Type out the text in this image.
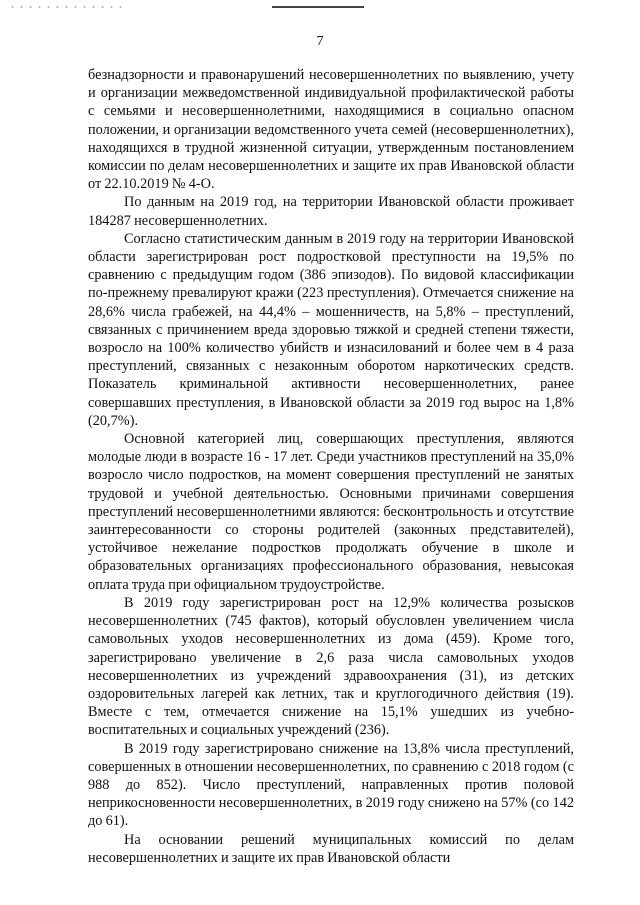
7

безнадзорности и правонарушений несовершеннолетних по выявлению, учету и организации межведомственной индивидуальной профилактической работы с семьями и несовершеннолетними, находящимися в социально опасном положении, и организации ведомственного учета семей (несовершеннолетних), находящихся в трудной жизненной ситуации, утвержденным постановлением комиссии по делам несовершеннолетних и защите их прав Ивановской области от 22.10.2019 № 4-О.

По данным на 2019 год, на территории Ивановской области проживает 184287 несовершеннолетних.

Согласно статистическим данным в 2019 году на территории Ивановской области зарегистрирован рост подростковой преступности на 19,5% по сравнению с предыдущим годом (386 эпизодов). По видовой классификации по-прежнему превалируют кражи (223 преступления). Отмечается снижение на 28,6% числа грабежей, на 44,4% – мошенничеств, на 5,8% – преступлений, связанных с причинением вреда здоровью тяжкой и средней степени тяжести, возросло на 100% количество убийств и изнасилований и более чем в 4 раза преступлений, связанных с незаконным оборотом наркотических средств. Показатель криминальной активности несовершеннолетних, ранее совершавших преступления, в Ивановской области за 2019 год вырос на 1,8% (20,7%).

Основной категорией лиц, совершающих преступления, являются молодые люди в возрасте 16 - 17 лет. Среди участников преступлений на 35,0% возросло число подростков, на момент совершения преступлений не занятых трудовой и учебной деятельностью. Основными причинами совершения преступлений несовершеннолетними являются: бесконтрольность и отсутствие заинтересованности со стороны родителей (законных представителей), устойчивое нежелание подростков продолжать обучение в школе и образовательных организациях профессионального образования, невысокая оплата труда при официальном трудоустройстве.

В 2019 году зарегистрирован рост на 12,9% количества розысков несовершеннолетних (745 фактов), который обусловлен увеличением числа самовольных уходов несовершеннолетних из дома (459). Кроме того, зарегистрировано увеличение в 2,6 раза числа самовольных уходов несовершеннолетних из учреждений здравоохранения (31), из детских оздоровительных лагерей как летних, так и круглогодичного действия (19). Вместе с тем, отмечается снижение на 15,1% ушедших из учебно-воспитательных и социальных учреждений (236).

В 2019 году зарегистрировано снижение на 13,8% числа преступлений, совершенных в отношении несовершеннолетних, по сравнению с 2018 годом (с 988 до 852). Число преступлений, направленных против половой неприкосновенности несовершеннолетних, в 2019 году снижено на 57% (со 142 до 61).

На основании решений муниципальных комиссий по делам несовершеннолетних и защите их прав Ивановской области
